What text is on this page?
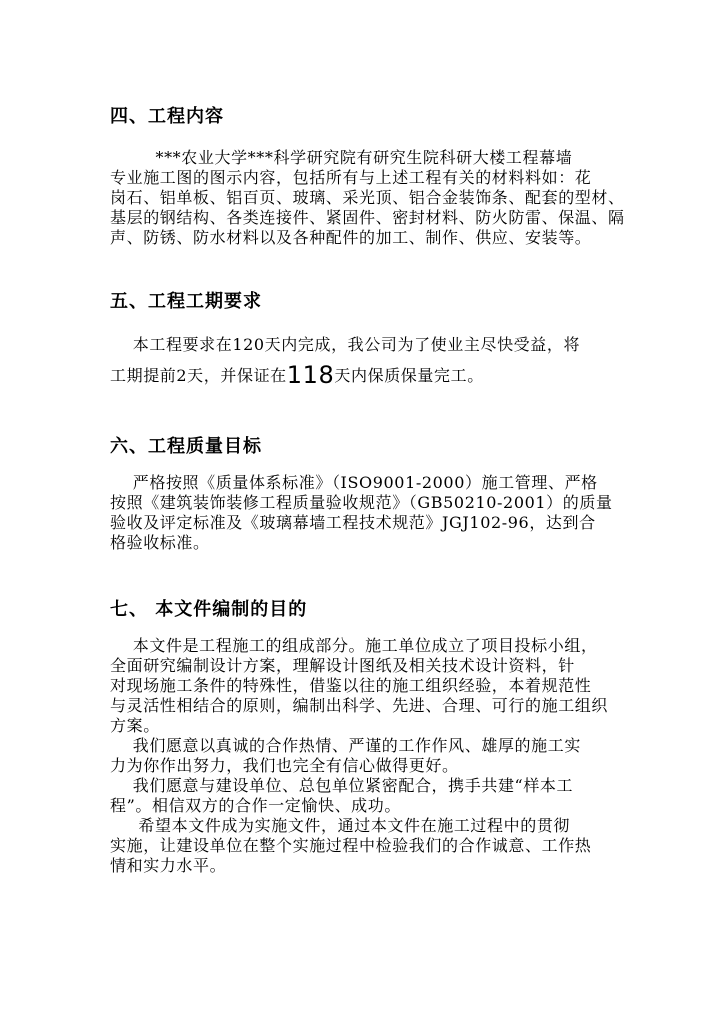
四、工程内容
***农业大学***科学研究院有研究生院科研大楼工程幕墙
专业施工图的图示内容，包括所有与上述工程有关的材料料如：花
岗石、铝单板、铝百页、玻璃、采光顶、铝合金装饰条、配套的型材、
基层的钢结构、各类连接件、紧固件、密封材料、防火防雷、保温、隔
声、防锈、防水材料以及各种配件的加工、制作、供应、安装等。
五、工程工期要求
本工程要求在120天内完成，我公司为了使业主尽快受益，将
工期提前2天，并保证在118天内保质保量完工。
六、工程质量目标
严格按照《质量体系标准》（ISO9001-2000）施工管理、严格
按照《建筑装饰装修工程质量验收规范》（GB50210-2001）的质量
验收及评定标准及《玻璃幕墙工程技术规范》JGJ102-96，达到合
格验收标准。
七、 本文件编制的目的
本文件是工程施工的组成部分。施工单位成立了项目投标小组，
全面研究编制设计方案，理解设计图纸及相关技术设计资料，针
对现场施工条件的特殊性，借鉴以往的施工组织经验，本着规范性
与灵活性相结合的原则，编制出科学、先进、合理、可行的施工组织
方案。
我们愿意以真诚的合作热情、严谨的工作作风、雄厚的施工实
力为你作出努力，我们也完全有信心做得更好。
我们愿意与建设单位、总包单位紧密配合，携手共建“样本工
程”。相信双方的合作一定愉快、成功。
希望本文件成为实施文件，通过本文件在施工过程中的贯彻
实施，让建设单位在整个实施过程中检验我们的合作诚意、工作热
情和实力水平。
